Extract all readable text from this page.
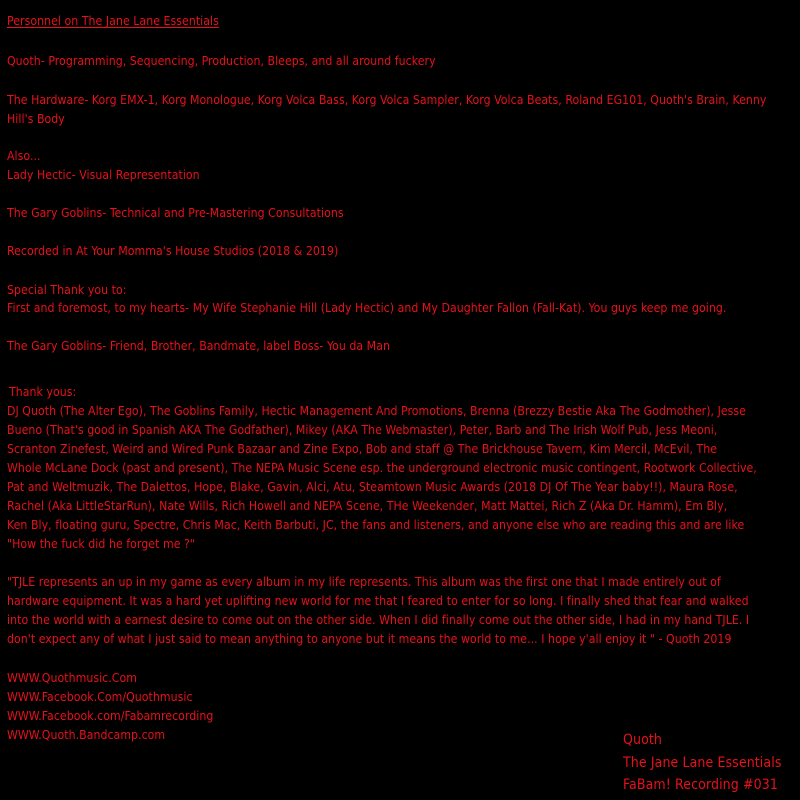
Personnel on The Jane Lane Essentials
Quoth- Programming, Sequencing, Production, Bleeps, and all around fuckery
The Hardware- Korg EMX-1, Korg Monologue, Korg Volca Bass, Korg Volca Sampler, Korg Volca Beats, Roland EG101, Quoth's Brain, Kenny
Hill's Body
Also...
Lady Hectic- Visual Representation
The Gary Goblins- Technical and Pre-Mastering Consultations
Recorded in At Your Momma's House Studios (2018 & 2019)
Special Thank you to:
First and foremost, to my hearts- My Wife Stephanie Hill (Lady Hectic) and My Daughter Fallon (Fall-Kat). You guys keep me going.
The Gary Goblins- Friend, Brother, Bandmate, label Boss- You da Man
Thank yous:
DJ Quoth (The Alter Ego), The Goblins Family, Hectic Management And Promotions, Brenna (Brezzy Bestie Aka The Godmother), Jesse
Bueno (That's good in Spanish AKA The Godfather), Mikey (AKA The Webmaster), Peter, Barb and The Irish Wolf Pub, Jess Meoni,
Scranton Zinefest, Weird and Wired Punk Bazaar and Zine Expo, Bob and staff @ The Brickhouse Tavern, Kim Mercil, McEvil, The
Whole McLane Dock (past and present), The NEPA Music Scene esp. the underground electronic music contingent, Rootwork Collective,
Pat and Weltmuzik, The Dalettos, Hope, Blake, Gavin, Alci, Atu, Steamtown Music Awards (2018 DJ Of The Year baby!!), Maura Rose,
Rachel (Aka LittleStarRun), Nate Wills, Rich Howell and NEPA Scene, THe Weekender, Matt Mattei, Rich Z (Aka Dr. Hamm), Em Bly,
Ken Bly, floating guru, Spectre, Chris Mac, Keith Barbuti, JC, the fans and listeners, and anyone else who are reading this and are like
"How the fuck did he forget me ?"
"TJLE represents an up in my game as every album in my life represents. This album was the first one that I made entirely out of
hardware equipment. It was a hard yet uplifting new world for me that I feared to enter for so long. I finally shed that fear and walked
into the world with a earnest desire to come out on the other side. When I did finally come out the other side, I had in my hand TJLE. I
don't expect any of what I just said to mean anything to anyone but it means the world to me... I hope y'all enjoy it " - Quoth 2019
WWW.Quothmusic.Com
WWW.Facebook.Com/Quothmusic
WWW.Facebook.com/Fabamrecording
WWW.Quoth.Bandcamp.com	Quoth
The Jane Lane Essentials
FaBam! Recording #031
